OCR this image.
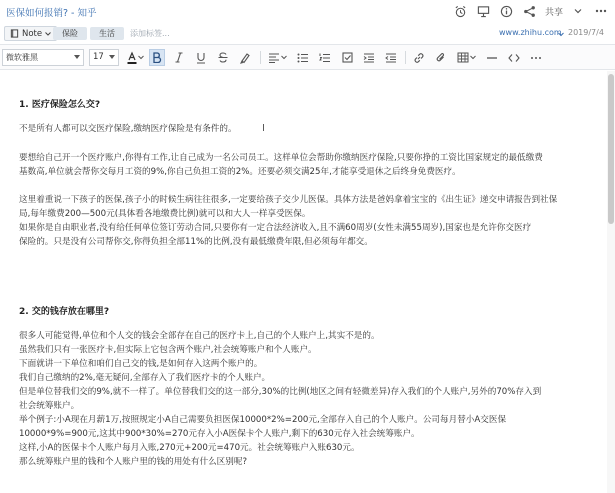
医保如何报销? - 知乎	共享
Note	保险	生活	添加标签...	www.zhihu.com 2019/7/4
微软雅黑	17
1. 医疗保险怎么交?
不是所有人都可以交医疗保险,缴纳医疗保险是有条件的。	I
要想给自己开一个医疗账户,你得有工作,让自己成为一名公司员工。这样单位会帮助你缴纳医疗保险,只要你挣的工资比国家规定的最低缴费
基数高,单位就会帮你交每月工资的9%,你自己负担工资的2%。还要必须交满25年,才能享受退休之后终身免费医疗。
这里着重说一下孩子的医保,孩子小的时候生病往往很多,一定要给孩子交少儿医保。具体方法是爸妈拿着宝宝的《出生证》递交申请报告到社保
局,每年缴费200—500元(具体看各地缴费比例)就可以和大人一样享受医保。
如果你是自由职业者,没有给任何单位签订劳动合同,只要你有一定合法经济收入,且不满60周岁(女性未满55周岁),国家也是允许你交医疗
保险的。只是没有公司帮你交,你得负担全部11%的比例,没有最低缴费年限,但必须每年都交。
2. 交的钱存放在哪里?
很多人可能觉得,单位和个人交的钱会全部存在自己的医疗卡上,自己的个人账户上,其实不是的。
虽然我们只有一张医疗卡,但实际上它包含两个账户,社会统筹账户和个人账户。
下面就讲一下单位和咱们自己交的钱,是如何存入这两个账户的。
我们自己缴纳的2%,毫无疑问,全部存入了我们医疗卡的个人账户。
但是单位替我们交的9%,就不一样了。单位替我们交的这一部分,30%的比例(地区之间有轻微差异)存入我们的个人账户,另外的70%存入到
社会统筹账户。
举个例子:小A现在月薪1万,按照规定小A自己需要负担医保10000*2%=200元,全部存入自己的个人账户。公司每月替小A交医保
10000*9%=900元,这其中900*30%=270元存入小A医保卡个人账户,剩下的630元存入社会统筹账户。
这样,小A的医保卡个人账户每月入账,270元+200元=470元。社会统筹账户入账630元。
那么统筹账户里的钱和个人账户里的钱的用处有什么区别呢?
